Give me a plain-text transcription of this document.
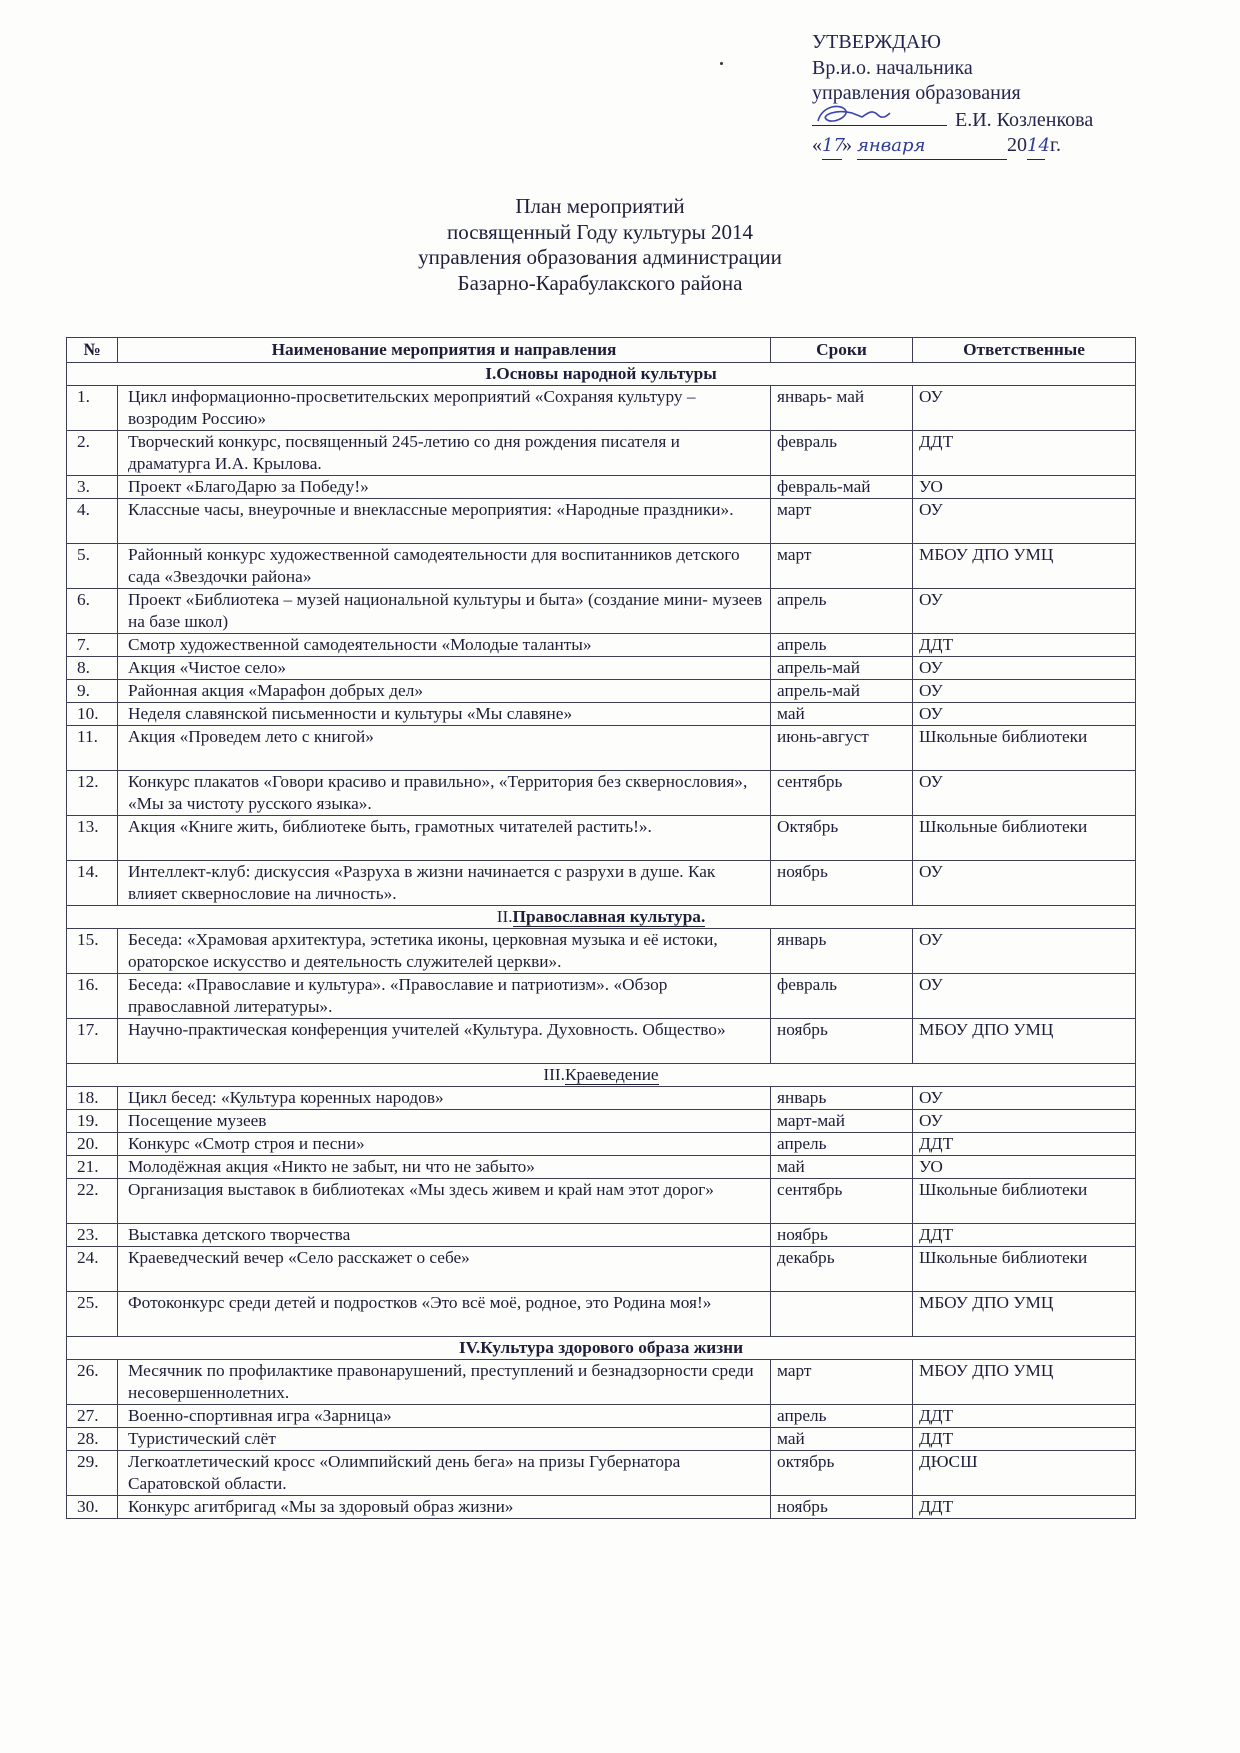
УТВЕРЖДАЮ
Вр.и.о. начальника
управления образования
Е.И. Козленкова
«17» января	2014 г.
План мероприятий
посвященный Году культуры 2014
управления образования администрации
Базарно-Карабулакского района
№	Наименование мероприятия и направления	Сроки	Ответственные
I.Основы народной культуры			
1.	Цикл информационно-просветительских мероприятий «Сохраняя культуру – возродим Россию»	январь- май	ОУ
2.	Творческий конкурс, посвященный 245-летию со дня рождения писателя и драматурга И.А. Крылова.	февраль	ДДТ
3.	Проект «БлагоДарю за Победу!»	февраль-май	УО
4.	Классные часы, внеурочные и внеклассные мероприятия: «Народные праздники».	март	ОУ
5.	Районный конкурс художественной самодеятельности для воспитанников детского сада «Звездочки района»	март	МБОУ ДПО УМЦ
6.	Проект «Библиотека – музей национальной культуры и быта» (создание мини- музеев на базе школ)	апрель	ОУ
7.	Смотр художественной самодеятельности «Молодые таланты»	апрель	ДДТ
8.	Акция «Чистое село»	апрель-май	ОУ
9.	Районная акция «Марафон добрых дел»	апрель-май	ОУ
10.	Неделя славянской письменности и культуры «Мы славяне»	май	ОУ
11.	Акция «Проведем лето с книгой»	июнь-август	Школьные библиотеки
12.	Конкурс плакатов «Говори красиво и правильно», «Территория без сквернословия», «Мы за чистоту русского языка».	сентябрь	ОУ
13.	Акция «Книге жить, библиотеке быть, грамотных читателей растить!».	Октябрь	Школьные библиотеки
14.	Интеллект-клуб: дискуссия «Разруха в жизни начинается с разрухи в душе. Как влияет сквернословие на личность».	ноябрь	ОУ
II.Православная культура.			
15.	Беседа: «Храмовая архитектура, эстетика иконы, церковная музыка и её истоки, ораторское искусство и деятельность служителей церкви».	январь	ОУ
16.	Беседа: «Православие и культура». «Православие и патриотизм». «Обзор православной литературы».	февраль	ОУ
17.	Научно-практическая конференция учителей «Культура. Духовность. Общество»	ноябрь	МБОУ ДПО УМЦ
III.Краеведение			
18.	Цикл бесед: «Культура коренных народов»	январь	ОУ
19.	Посещение музеев	март-май	ОУ
20.	Конкурс «Смотр строя и песни»	апрель	ДДТ
21.	Молодёжная акция «Никто не забыт, ни что не забыто»	май	УО
22.	Организация выставок в библиотеках «Мы здесь живем и край нам этот дорог»	сентябрь	Школьные библиотеки
23.	Выставка детского творчества	ноябрь	ДДТ
24.	Краеведческий вечер «Село расскажет о себе»	декабрь	Школьные библиотеки
25.	Фотоконкурс среди детей и подростков «Это всё моё, родное, это Родина моя!»		МБОУ ДПО УМЦ
IV.Культура здорового образа жизни			
26.	Месячник по профилактике правонарушений, преступлений и безнадзорности среди несовершеннолетних.	март	МБОУ ДПО УМЦ
27.	Военно-спортивная игра «Зарница»	апрель	ДДТ
28.	Туристический слёт	май	ДДТ
29.	Легкоатлетический кросс «Олимпийский день бега» на призы Губернатора Саратовской области.	октябрь	ДЮСШ
30.	Конкурс агитбригад «Мы за здоровый образ жизни»	ноябрь	ДДТ
